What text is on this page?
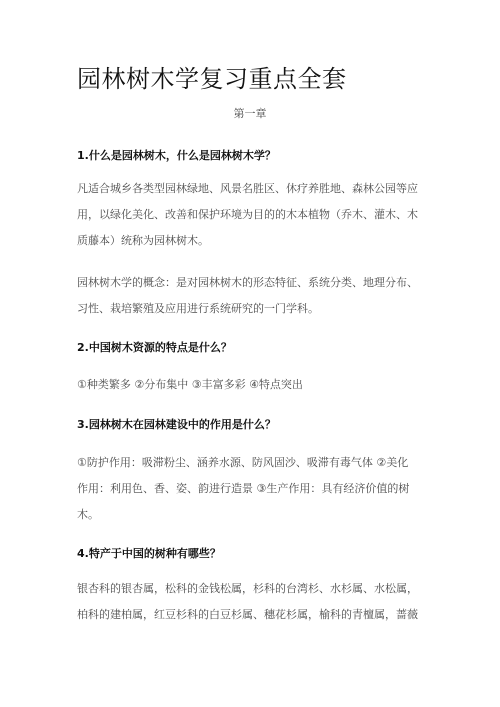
园林树木学复习重点全套
第一章
1.什么是园林树木，什么是园林树木学？
凡适合城乡各类型园林绿地、风景名胜区、休疗养胜地、森林公园等应
用，以绿化美化、改善和保护环境为目的的木本植物（乔木、灌木、木
质藤本）统称为园林树木。
园林树木学的概念：是对园林树木的形态特征、系统分类、地理分布、
习性、栽培繁殖及应用进行系统研究的一门学科。
2.中国树木资源的特点是什么？
①种类繁多 ②分布集中 ③丰富多彩 ④特点突出
3.园林树木在园林建设中的作用是什么？
①防护作用：吸滞粉尘、涵养水源、防风固沙、吸滞有毒气体 ②美化
作用：利用色、香、姿、韵进行造景 ③生产作用：具有经济价值的树
木。
4.特产于中国的树种有哪些？
银杏科的银杏属，松科的金钱松属，杉科的台湾杉、水杉属、水松属，
柏科的建柏属，红豆杉科的白豆杉属、穗花杉属，榆科的青檀属，蔷薇
